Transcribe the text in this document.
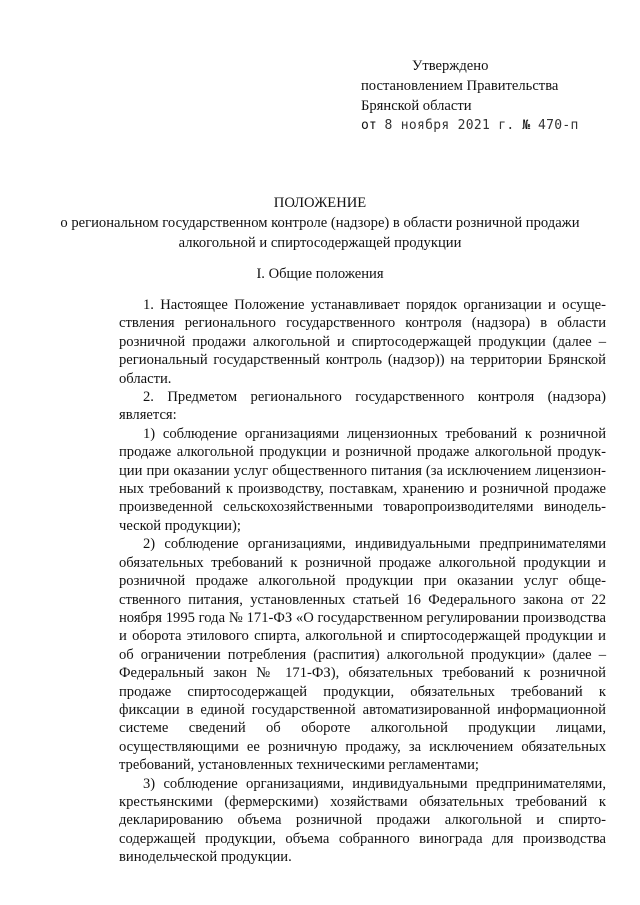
Утверждено
постановлением Правительства
Брянской области
от 8 ноября 2021 г. № 470-п
ПОЛОЖЕНИЕ
о региональном государственном контроле (надзоре) в области розничной продажи алкогольной и спиртосодержащей продукции
I. Общие положения

1. Настоящее Положение устанавливает порядок организации и осуществления регионального государственного контроля (надзора) в области розничной продажи алкогольной и спиртосодержащей продукции (далее – региональный государственный контроль (надзор)) на территории Брянской области.

2. Предметом регионального государственного контроля (надзора) является:

1) соблюдение организациями лицензионных требований к розничной продаже алкогольной продукции и розничной продаже алкогольной продукции при оказании услуг общественного питания (за исключением лицензионных требований к производству, поставкам, хранению и розничной продаже произведенной сельскохозяйственными товаропроизводителями винодельческой продукции);

2) соблюдение организациями, индивидуальными предпринимателями обязательных требований к розничной продаже алкогольной продукции и розничной продаже алкогольной продукции при оказании услуг общественного питания, установленных статьей 16 Федерального закона от 22 ноября 1995 года № 171-ФЗ «О государственном регулировании производства и оборота этилового спирта, алкогольной и спиртосодержащей продукции и об ограничении потребления (распития) алкогольной продукции» (далее – Федеральный закон № 171-ФЗ), обязательных требований к розничной продаже спиртосодержащей продукции, обязательных требований к фиксации в единой государственной автоматизированной информационной системе сведений об обороте алкогольной продукции лицами, осуществляющими ее розничную продажу, за исключением обязательных требований, установленных техническими регламентами;

3) соблюдение организациями, индивидуальными предпринимателями, крестьянскими (фермерскими) хозяйствами обязательных требований к декларированию объема розничной продажи алкогольной и спиртосодержащей продукции, объема собранного винограда для производства винодельческой продукции.
